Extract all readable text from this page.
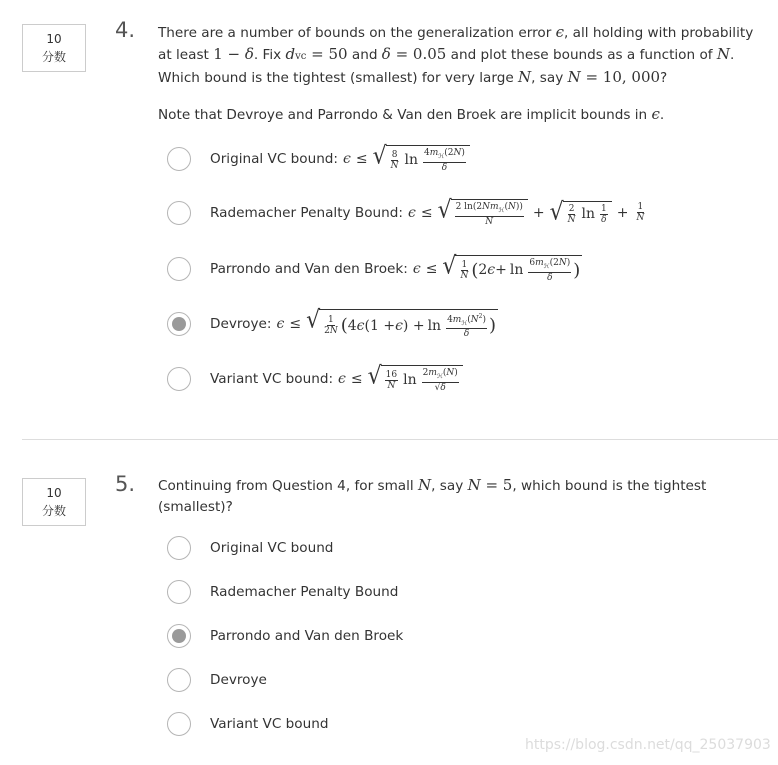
10
分数
4. There are a number of bounds on the generalization error ϵ, all holding with probability
at least 1 − δ. Fix dvc = 50 and δ = 0.05 and plot these bounds as a function of N.
Which bound is the tightest (smallest) for very large N, say N = 10, 000?
Note that Devroye and Parrondo & Van den Broek are implicit bounds in ϵ.
Original VC bound: ϵ ≤ √ $\frac{8}{N}$ $\ln \frac{4m_ℋ(2N)}{\delta}$
Rademacher Penalty Bound: ϵ ≤ √ $\frac{2 \ln(2Nm_ℋ(N))}{N}$ + √ $\frac{2}{N}$ $\ln \frac{1}{\delta} + \frac{1}{N}$
Parrondo and Van den Broek: ϵ ≤ √ $\frac{1}{N}$ ( 2 $\epsilon + \ln \frac{6m_ℋ(2N)}{\delta}$ )
Devroye: ϵ ≤ √ $\frac{1}{2N}$ ( 4 ϵ (1 + ϵ ) + $\ln \frac{4m_ℋ(N^2)}{\delta}$ )
Variant VC bound: ϵ ≤ √ $\frac{16}{N}$ $\ln \frac{2m_ℋ(N)}{√\delta}$
10
分数
5. Continuing from Question 4, for small N, say N = 5, which bound is the tightest
(smallest)?
Original VC bound
Rademacher Penalty Bound
Parrondo and Van den Broek
Devroye
Variant VC bound
https://blog.csdn.net/qq_25037903
